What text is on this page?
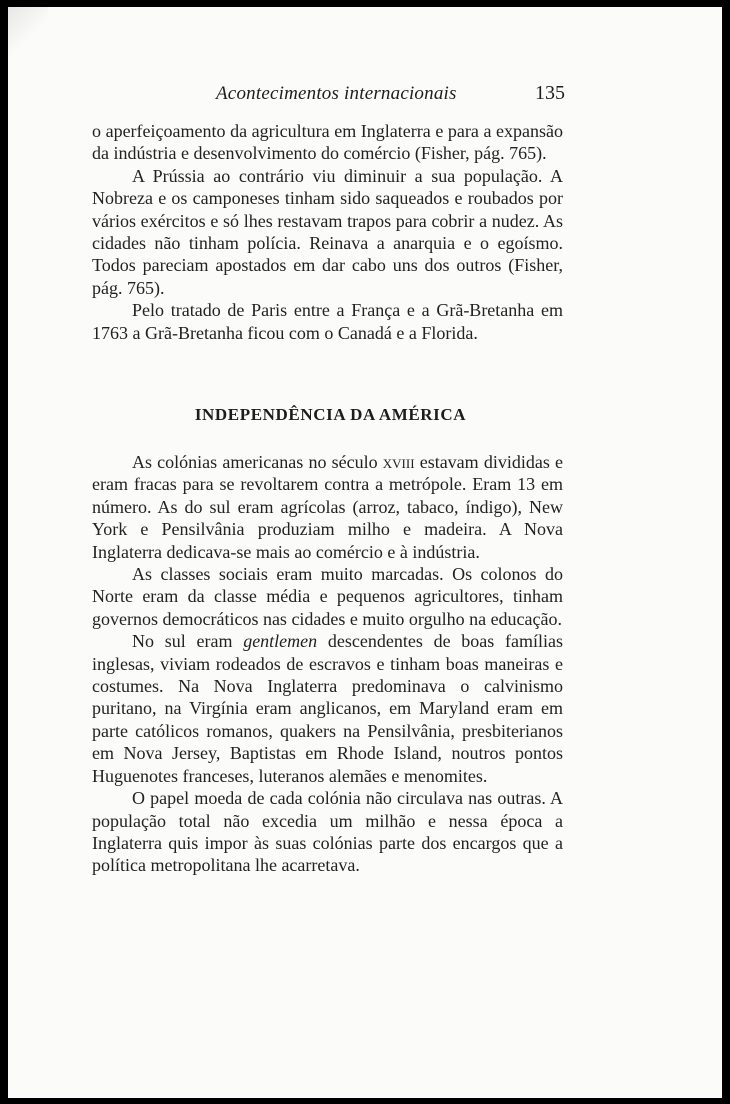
Acontecimentos internacionais	135

o aperfeiçoamento da agricultura em Inglaterra e para a expansão da indústria e desenvolvimento do comércio (Fisher, pág. 765).

A Prússia ao contrário viu diminuir a sua população. A Nobreza e os camponeses tinham sido saqueados e roubados por vários exércitos e só lhes restavam trapos para cobrir a nudez. As cidades não tinham polícia. Reinava a anarquia e o egoísmo. Todos pareciam apostados em dar cabo uns dos outros (Fisher, pág. 765).

Pelo tratado de Paris entre a França e a Grã-Bretanha em 1763 a Grã-Bretanha ficou com o Canadá e a Florida.

INDEPENDÊNCIA DA AMÉRICA

As colónias americanas no século xviii estavam divididas e eram fracas para se revoltarem contra a metrópole. Eram 13 em número. As do sul eram agrícolas (arroz, tabaco, índigo), New York e Pensilvânia produziam milho e madeira. A Nova Inglaterra dedicava-se mais ao comércio e à indústria.

As classes sociais eram muito marcadas. Os colonos do Norte eram da classe média e pequenos agricultores, tinham governos democráticos nas cidades e muito orgulho na educação.

No sul eram gentlemen descendentes de boas famílias inglesas, viviam rodeados de escravos e tinham boas maneiras e costumes. Na Nova Inglaterra predominava o calvinismo puritano, na Virgínia eram anglicanos, em Maryland eram em parte católicos romanos, quakers na Pensilvânia, presbiterianos em Nova Jersey, Baptistas em Rhode Island, noutros pontos Huguenotes franceses, luteranos alemães e menomites.

O papel moeda de cada colónia não circulava nas outras. A população total não excedia um milhão e nessa época a Inglaterra quis impor às suas colónias parte dos encargos que a política metropolitana lhe acarretava.
